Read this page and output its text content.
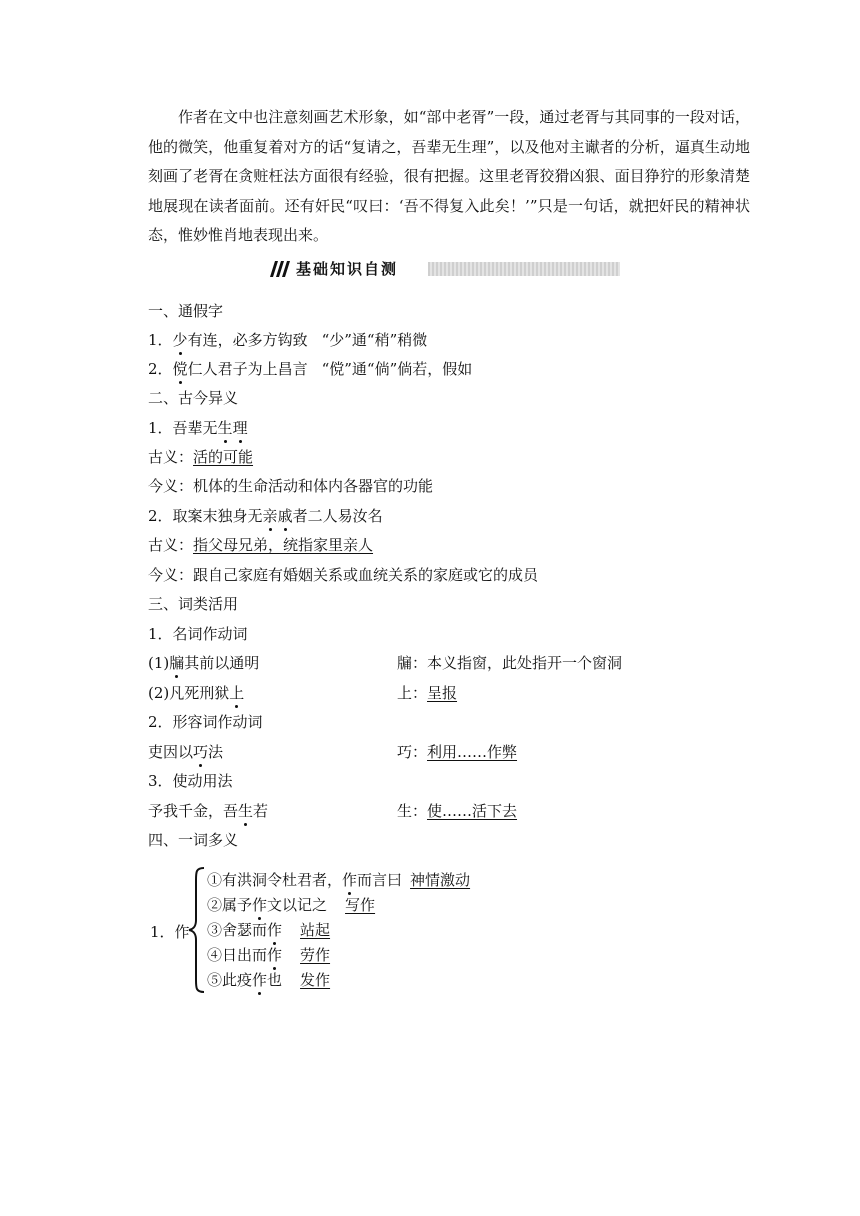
作者在文中也注意刻画艺术形象，如“部中老胥”一段，通过老胥与其同事的一段对话，他的微笑，他重复着对方的话“复请之，吾辈无生理”，以及他对主谳者的分析，逼真生动地刻画了老胥在贪赃枉法方面很有经验，很有把握。这里老胥狡猾凶狠、面目狰狞的形象清楚地展现在读者面前。还有奸民“叹曰：‘吾不得复入此矣！’”只是一句话，就把奸民的精神状态，惟妙惟肖地表现出来。

基础知识自测
一、通假字
1．少有连，必多方钩致 “少”通“稍”稍微
2．傥仁人君子为上昌言 “傥”通“倘”倘若，假如
二、古今异义
1．吾辈无生理
古义：活的可能
今义：机体的生命活动和体内各器官的功能
2．取案末独身无亲戚者二人易汝名
古义：指父母兄弟，统指家里亲人
今义：跟自己家庭有婚姻关系或血统关系的家庭或它的成员
三、词类活用
1．名词作动词
(1)牖其前以通明	牖：本义指窗，此处指开一个窗洞
(2)凡死刑狱上	上：呈报
2．形容词作动词
吏因以巧法	巧：利用……作弊
3．使动用法
予我千金，吾生若	生：使……活下去
四、一词多义
1．作
①有洪洞令杜君者，作而言曰 神情激动
②属予作文以记之 写作
③舍瑟而作 站起
④日出而作 劳作
⑤此疫作也 发作
